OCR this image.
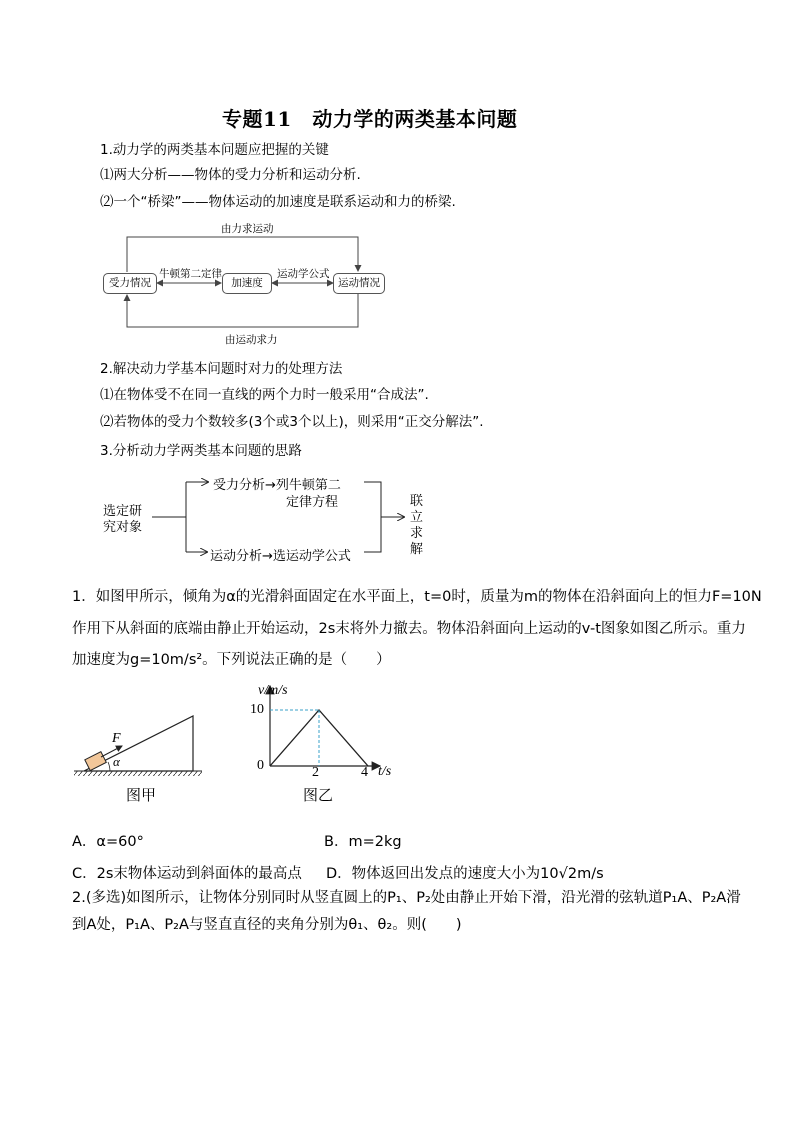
专题11　动力学的两类基本问题
1.动力学的两类基本问题应把握的关键
⑴两大分析——物体的受力分析和运动分析.
⑵一个“桥梁”——物体运动的加速度是联系运动和力的桥梁.
由力求运动
由运动求力
受力情况	加速度	运动情况
牛顿第二定律	运动学公式
2.解决动力学基本问题时对力的处理方法
⑴在物体受不在同一直线的两个力时一般采用“合成法”.
⑵若物体的受力个数较多(3个或3个以上)，则采用“正交分解法”.
3.分析动力学两类基本问题的思路
选定研
究对象
受力分析→列牛顿第二
定律方程
运动分析→选运动学公式
联
立
求
解
1．如图甲所示，倾角为α的光滑斜面固定在水平面上，t=0时，质量为m的物体在沿斜面向上的恒力F=10N
作用下从斜面的底端由静止开始运动，2s末将外力撤去。物体沿斜面向上运动的v-t图象如图乙所示。重力
加速度为g=10m/s²。下列说法正确的是（　　）
F
α
图甲
v/m/s
t/s
0
10
2	4
图乙
A．α=60°	B．m=2kg
C．2s末物体运动到斜面体的最高点 D．物体返回出发点的速度大小为10√2m/s
2.(多选)如图所示，让物体分别同时从竖直圆上的P₁、P₂处由静止开始下滑，沿光滑的弦轨道P₁A、P₂A滑
到A处，P₁A、P₂A与竖直直径的夹角分别为θ₁、θ₂。则(　　)
